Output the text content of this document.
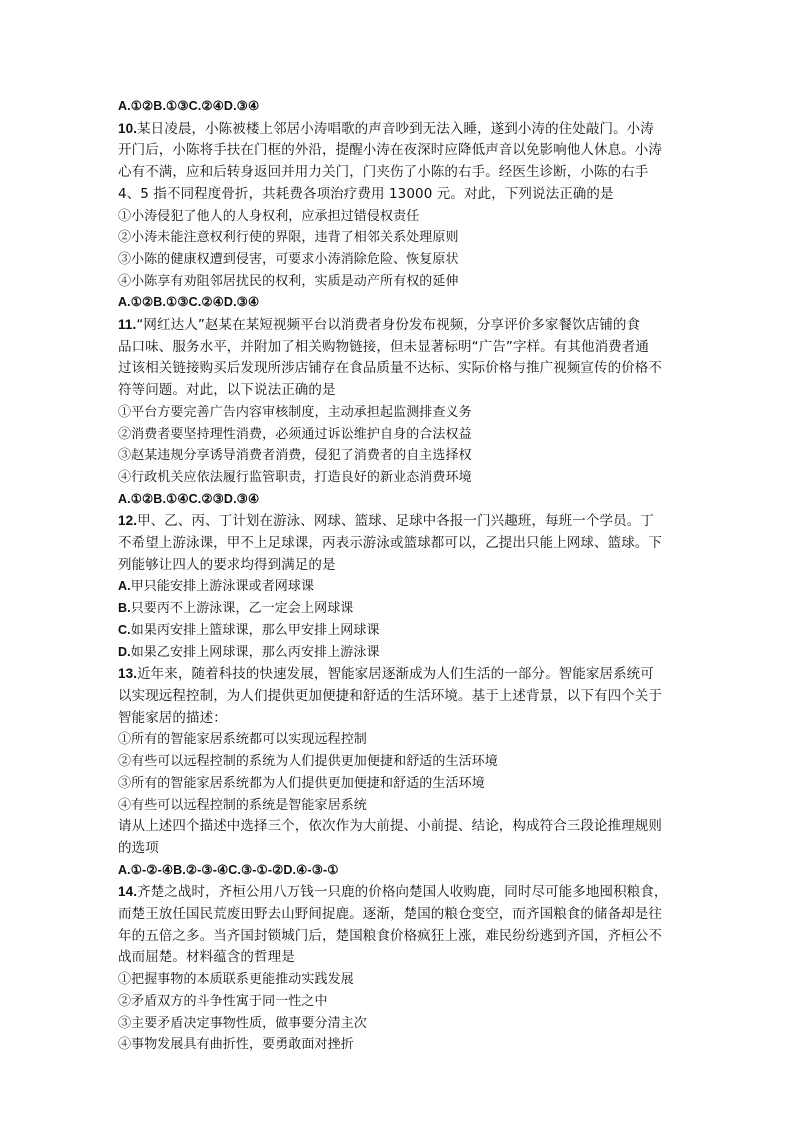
A.①②B.①③C.②④D.③④
10.某日凌晨，小陈被楼上邻居小涛唱歌的声音吵到无法入睡，遂到小涛的住处敲门。小涛
开门后，小陈将手扶在门框的外沿，提醒小涛在夜深时应降低声音以免影响他人休息。小涛
心有不满，应和后转身返回并用力关门，门夹伤了小陈的右手。经医生诊断，小陈的右手
4、5 指不同程度骨折，共耗费各项治疗费用 13000 元。对此，下列说法正确的是
①小涛侵犯了他人的人身权利，应承担过错侵权责任
②小涛未能注意权利行使的界限，违背了相邻关系处理原则
③小陈的健康权遭到侵害，可要求小涛消除危险、恢复原状
④小陈享有劝阻邻居扰民的权利，实质是动产所有权的延伸
A.①②B.①③C.②④D.③④
11.“网红达人”赵某在某短视频平台以消费者身份发布视频，分享评价多家餐饮店铺的食
品口味、服务水平，并附加了相关购物链接，但未显著标明“广告”字样。有其他消费者通
过该相关链接购买后发现所涉店铺存在食品质量不达标、实际价格与推广视频宣传的价格不
符等问题。对此，以下说法正确的是
①平台方要完善广告内容审核制度，主动承担起监测排查义务
②消费者要坚持理性消费，必须通过诉讼维护自身的合法权益
③赵某违规分享诱导消费者消费，侵犯了消费者的自主选择权
④行政机关应依法履行监管职责，打造良好的新业态消费环境
A.①②B.①④C.②③D.③④
12.甲、乙、丙、丁计划在游泳、网球、篮球、足球中各报一门兴趣班，每班一个学员。丁
不希望上游泳课，甲不上足球课，丙表示游泳或篮球都可以，乙提出只能上网球、篮球。下
列能够让四人的要求均得到满足的是
A.甲只能安排上游泳课或者网球课
B.只要丙不上游泳课，乙一定会上网球课
C.如果丙安排上篮球课，那么甲安排上网球课
D.如果乙安排上网球课，那么丙安排上游泳课
13.近年来，随着科技的快速发展，智能家居逐渐成为人们生活的一部分。智能家居系统可
以实现远程控制，为人们提供更加便捷和舒适的生活环境。基于上述背景，以下有四个关于
智能家居的描述：
①所有的智能家居系统都可以实现远程控制
②有些可以远程控制的系统为人们提供更加便捷和舒适的生活环境
③所有的智能家居系统都为人们提供更加便捷和舒适的生活环境
④有些可以远程控制的系统是智能家居系统
请从上述四个描述中选择三个，依次作为大前提、小前提、结论，构成符合三段论推理规则
的选项
A.①-②-④B.②-③-④C.③-①-②D.④-③-①
14.齐楚之战时，齐桓公用八万钱一只鹿的价格向楚国人收购鹿，同时尽可能多地囤积粮食，
而楚王放任国民荒废田野去山野间捉鹿。逐渐，楚国的粮仓变空，而齐国粮食的储备却是往
年的五倍之多。当齐国封锁城门后，楚国粮食价格疯狂上涨，难民纷纷逃到齐国，齐桓公不
战而屈楚。材料蕴含的哲理是
①把握事物的本质联系更能推动实践发展
②矛盾双方的斗争性寓于同一性之中
③主要矛盾决定事物性质，做事要分清主次
④事物发展具有曲折性，要勇敢面对挫折
